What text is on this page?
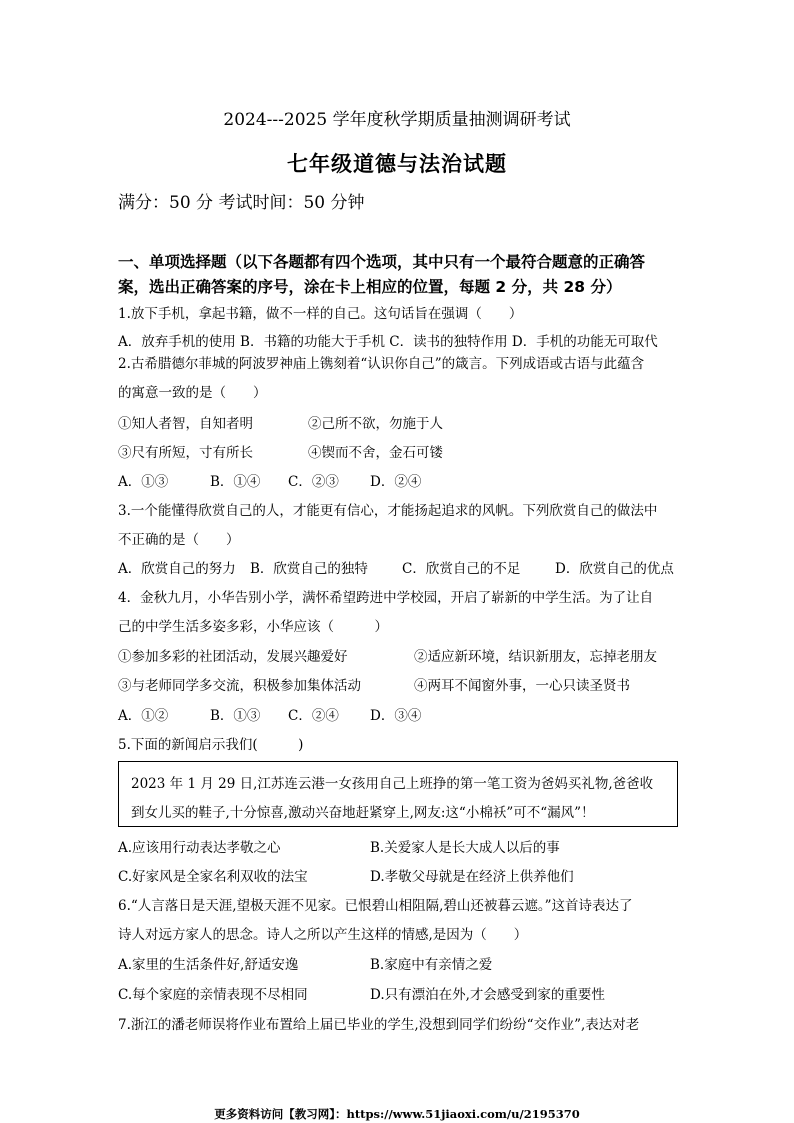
2024---2025 学年度秋学期质量抽测调研考试
七年级道德与法治试题
满分：50 分 考试时间：50 分钟
一、单项选择题（以下各题都有四个选项，其中只有一个最符合题意的正确答
案，选出正确答案的序号，涂在卡上相应的位置，每题 2 分，共 28 分）
1.放下手机，拿起书籍，做不一样的自己。这句话旨在强调（　　）
A．放弃手机的使用 B．书籍的功能大于手机 C．读书的独特作用 D．手机的功能无可取代
2.古希腊德尔菲城的阿波罗神庙上镌刻着“认识你自己”的箴言。下列成语或古语与此蕴含
的寓意一致的是（　　）
①知人者智，自知者明	②己所不欲，勿施于人
③尺有所短，寸有所长	④锲而不舍，金石可镂
A．①③	B．①④ C．②③ D．②④
3.一个能懂得欣赏自己的人，才能更有信心，才能扬起追求的风帆。下列欣赏自己的做法中
不正确的是（　　）
A．欣赏自己的努力 B．欣赏自己的独特	C．欣赏自己的不足	D．欣赏自己的优点
4．金秋九月，小华告别小学，满怀希望跨进中学校园，开启了崭新的中学生活。为了让自
己的中学生活多姿多彩，小华应该（　　　）
①参加多彩的社团活动，发展兴趣爱好	②适应新环境，结识新朋友，忘掉老朋友
③与老师同学多交流，积极参加集体活动	④两耳不闻窗外事，一心只读圣贤书
A．①②	B．①③ C．②④ D．③④
5.下面的新闻启示我们(　　　)
2023 年 1 月 29 日,江苏连云港一女孩用自己上班挣的第一笔工资为爸妈买礼物,爸爸收
到女儿买的鞋子,十分惊喜,激动兴奋地赶紧穿上,网友:这“小棉袄”可不“漏风”！
A.应该用行动表达孝敬之心	B.关爱家人是长大成人以后的事
C.好家风是全家名利双收的法宝	D.孝敬父母就是在经济上供养他们
6.“人言落日是天涯,望极天涯不见家。已恨碧山相阻隔,碧山还被暮云遮。”这首诗表达了
诗人对远方家人的思念。诗人之所以产生这样的情感,是因为（　　）
A.家里的生活条件好,舒适安逸	B.家庭中有亲情之爱
C.每个家庭的亲情表现不尽相同	D.只有漂泊在外,才会感受到家的重要性
7.浙江的潘老师误将作业布置给上届已毕业的学生,没想到同学们纷纷“交作业”,表达对老
更多资料访问【教习网】：https://www.51jiaoxi.com/u/2195370
